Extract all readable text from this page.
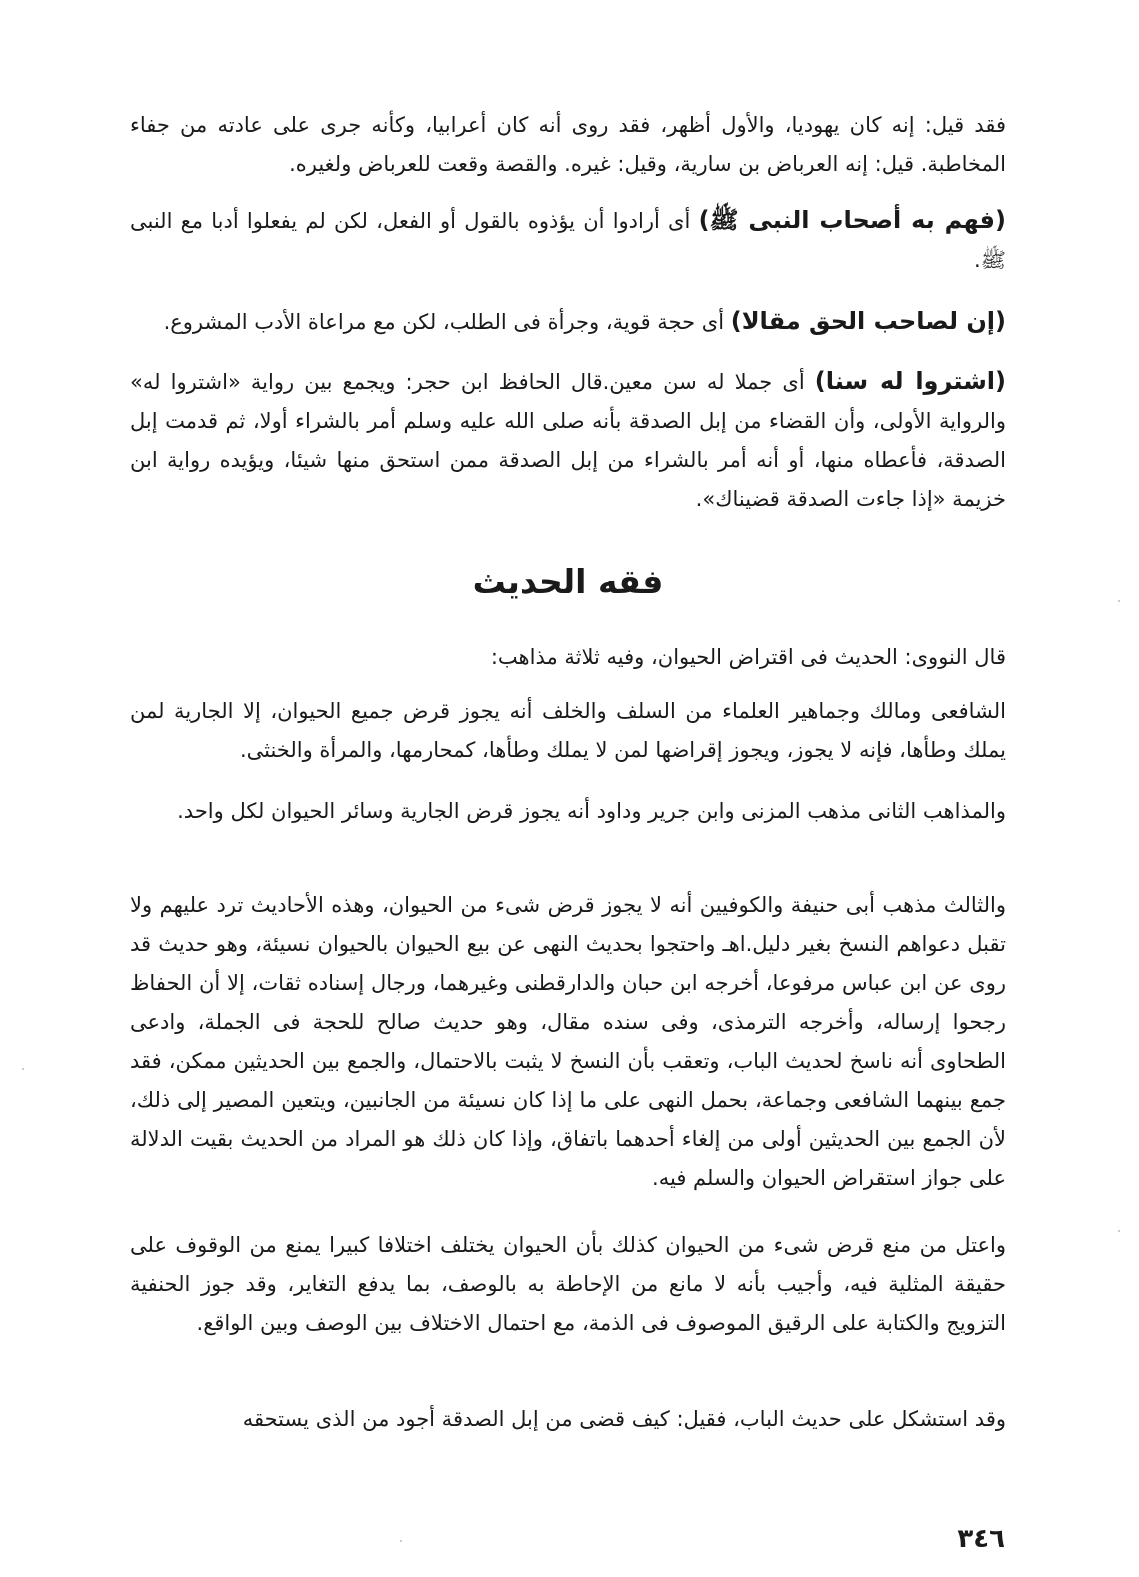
فقد قيل: إنه كان يهوديا، والأول أظهر، فقد روى أنه كان أعرابيا، وكأنه جرى على عادته من جفاء المخاطبة. قيل: إنه العرباض بن سارية، وقيل: غيره. والقصة وقعت للعرباض ولغيره.

(فهم به أصحاب النبى ﷺ) أى أرادوا أن يؤذوه بالقول أو الفعل، لكن لم يفعلوا أدبا مع النبى ﷺ.

(إن لصاحب الحق مقالا) أى حجة قوية، وجرأة فى الطلب، لكن مع مراعاة الأدب المشروع.

(اشتروا له سنا) أى جملا له سن معين.قال الحافظ ابن حجر: ويجمع بين رواية «اشتروا له» والرواية الأولى، وأن القضاء من إبل الصدقة بأنه صلى الله عليه وسلم أمر بالشراء أولا، ثم قدمت إبل الصدقة، فأعطاه منها، أو أنه أمر بالشراء من إبل الصدقة ممن استحق منها شيئا، ويؤيده رواية ابن خزيمة «إذا جاءت الصدقة قضيناك».

فقه الحديث

قال النووى: الحديث فى اقتراض الحيوان، وفيه ثلاثة مذاهب:

الشافعى ومالك وجماهير العلماء من السلف والخلف أنه يجوز قرض جميع الحيوان، إلا الجارية لمن يملك وطأها، فإنه لا يجوز، ويجوز إقراضها لمن لا يملك وطأها، كمحارمها، والمرأة والخنثى.

والمذاهب الثانى مذهب المزنى وابن جرير وداود أنه يجوز قرض الجارية وسائر الحيوان لكل واحد.

والثالث مذهب أبى حنيفة والكوفيين أنه لا يجوز قرض شىء من الحيوان، وهذه الأحاديث ترد عليهم ولا تقبل دعواهم النسخ بغير دليل.اهـ واحتجوا بحديث النهى عن بيع الحيوان بالحيوان نسيئة، وهو حديث قد روى عن ابن عباس مرفوعا، أخرجه ابن حبان والدارقطنى وغيرهما، ورجال إسناده ثقات، إلا أن الحفاظ رجحوا إرساله، وأخرجه الترمذى، وفى سنده مقال، وهو حديث صالح للحجة فى الجملة، وادعى الطحاوى أنه ناسخ لحديث الباب، وتعقب بأن النسخ لا يثبت بالاحتمال، والجمع بين الحديثين ممكن، فقد جمع بينهما الشافعى وجماعة، بحمل النهى على ما إذا كان نسيئة من الجانبين، ويتعين المصير إلى ذلك، لأن الجمع بين الحديثين أولى من إلغاء أحدهما باتفاق، وإذا كان ذلك هو المراد من الحديث بقيت الدلالة على جواز استقراض الحيوان والسلم فيه.

واعتل من منع قرض شىء من الحيوان كذلك بأن الحيوان يختلف اختلافا كبيرا يمنع من الوقوف على حقيقة المثلية فيه، وأجيب بأنه لا مانع من الإحاطة به بالوصف، بما يدفع التغاير، وقد جوز الحنفية التزويج والكتابة على الرقيق الموصوف فى الذمة، مع احتمال الاختلاف بين الوصف وبين الواقع.

وقد استشكل على حديث الباب، فقيل: كيف قضى من إبل الصدقة أجود من الذى يستحقه

٣٤٦
